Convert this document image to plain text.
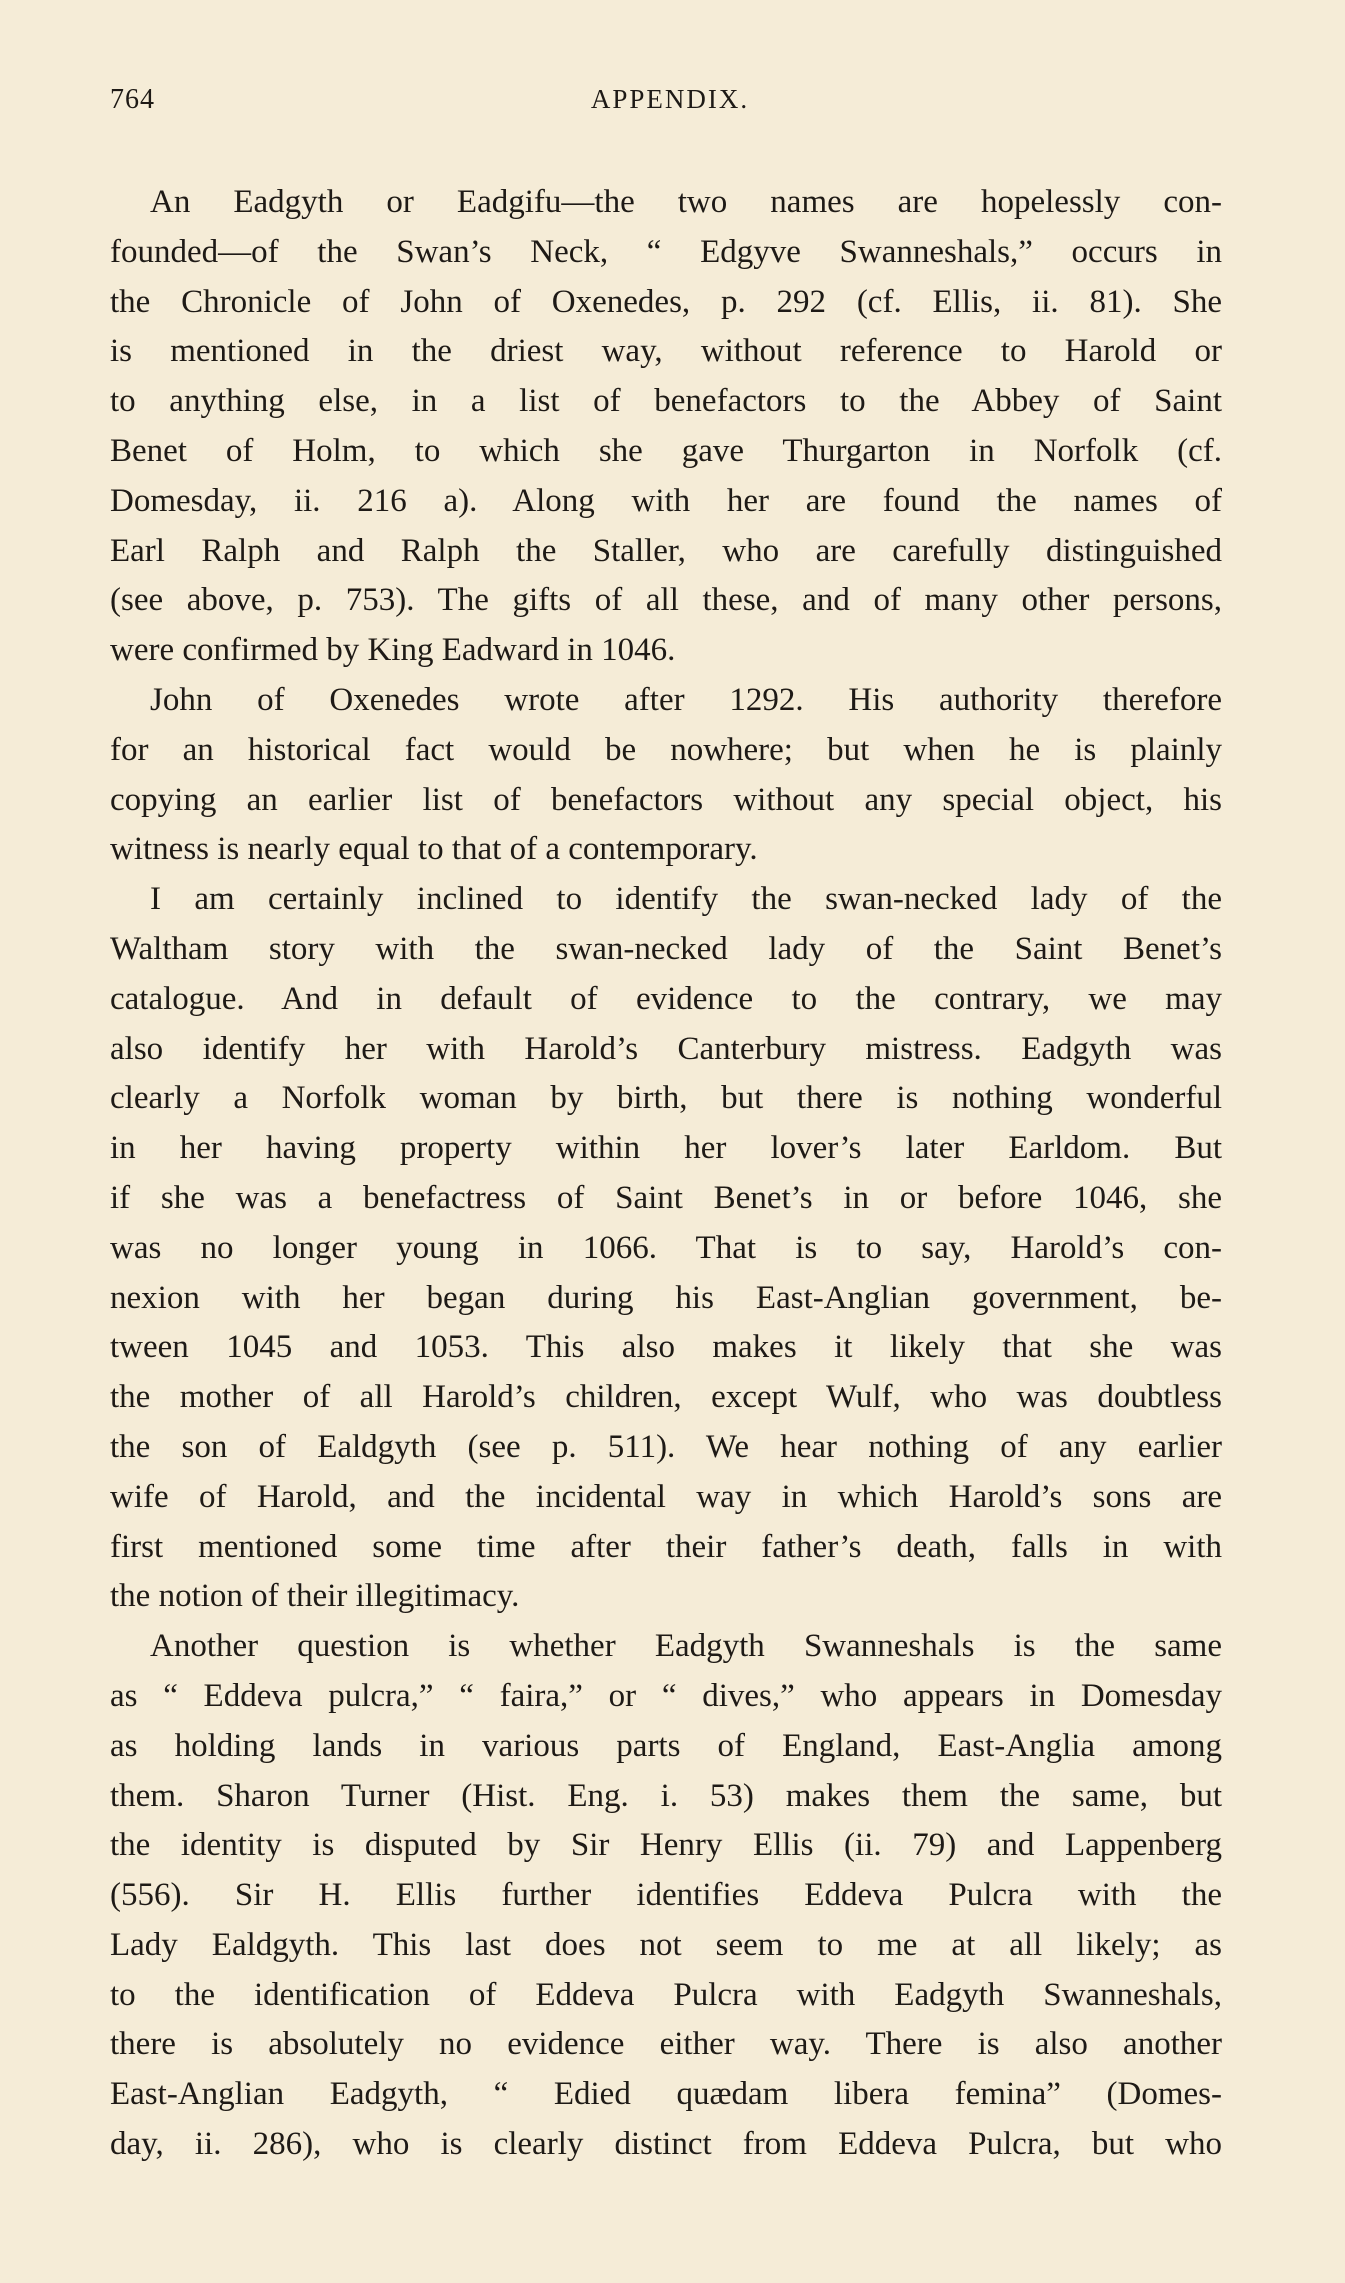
764	APPENDIX.
An Eadgyth or Eadgifu—the two names are hopelessly con-
founded—of the Swan’s Neck, “ Edgyve Swanneshals,” occurs in
the Chronicle of John of Oxenedes, p. 292 (cf. Ellis, ii. 81). She
is mentioned in the driest way, without reference to Harold or
to anything else, in a list of benefactors to the Abbey of Saint
Benet of Holm, to which she gave Thurgarton in Norfolk (cf.
Domesday, ii. 216 a). Along with her are found the names of
Earl Ralph and Ralph the Staller, who are carefully distinguished
(see above, p. 753). The gifts of all these, and of many other persons,
were confirmed by King Eadward in 1046.
John of Oxenedes wrote after 1292. His authority therefore
for an historical fact would be nowhere; but when he is plainly
copying an earlier list of benefactors without any special object, his
witness is nearly equal to that of a contemporary.
I am certainly inclined to identify the swan-necked lady of the
Waltham story with the swan-necked lady of the Saint Benet’s
catalogue. And in default of evidence to the contrary, we may
also identify her with Harold’s Canterbury mistress. Eadgyth was
clearly a Norfolk woman by birth, but there is nothing wonderful
in her having property within her lover’s later Earldom. But
if she was a benefactress of Saint Benet’s in or before 1046, she
was no longer young in 1066. That is to say, Harold’s con-
nexion with her began during his East-Anglian government, be-
tween 1045 and 1053. This also makes it likely that she was
the mother of all Harold’s children, except Wulf, who was doubtless
the son of Ealdgyth (see p. 511). We hear nothing of any earlier
wife of Harold, and the incidental way in which Harold’s sons are
first mentioned some time after their father’s death, falls in with
the notion of their illegitimacy.
Another question is whether Eadgyth Swanneshals is the same
as “ Eddeva pulcra,” “ faira,” or “ dives,” who appears in Domesday
as holding lands in various parts of England, East-Anglia among
them. Sharon Turner (Hist. Eng. i. 53) makes them the same, but
the identity is disputed by Sir Henry Ellis (ii. 79) and Lappenberg
(556). Sir H. Ellis further identifies Eddeva Pulcra with the
Lady Ealdgyth. This last does not seem to me at all likely; as
to the identification of Eddeva Pulcra with Eadgyth Swanneshals,
there is absolutely no evidence either way. There is also another
East-Anglian Eadgyth, “ Edied quædam libera femina” (Domes-
day, ii. 286), who is clearly distinct from Eddeva Pulcra, but who
